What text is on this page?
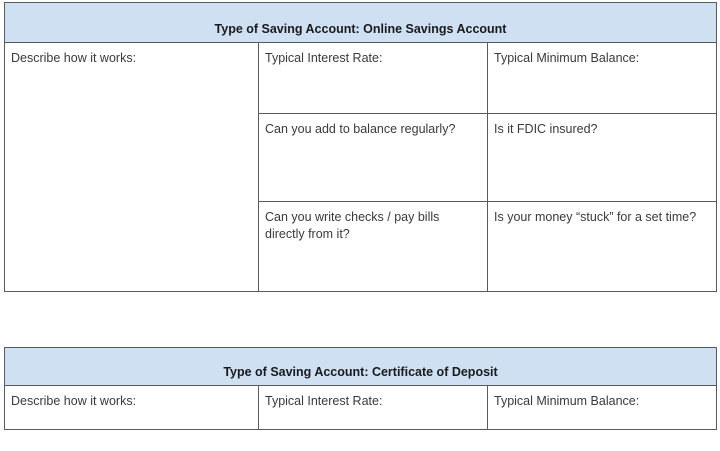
Type of Saving Account: Online Savings Account		

Describe how it works:	Typical Interest Rate:	Typical Minimum Balance:

	Can you add to balance regularly?	Is it FDIC insured?

	Can you write checks / pay bills directly from it?	Is your money “stuck” for a set time?
Type of Saving Account: Certificate of Deposit

Describe how it works:	Typical Interest Rate:	Typical Minimum Balance:
